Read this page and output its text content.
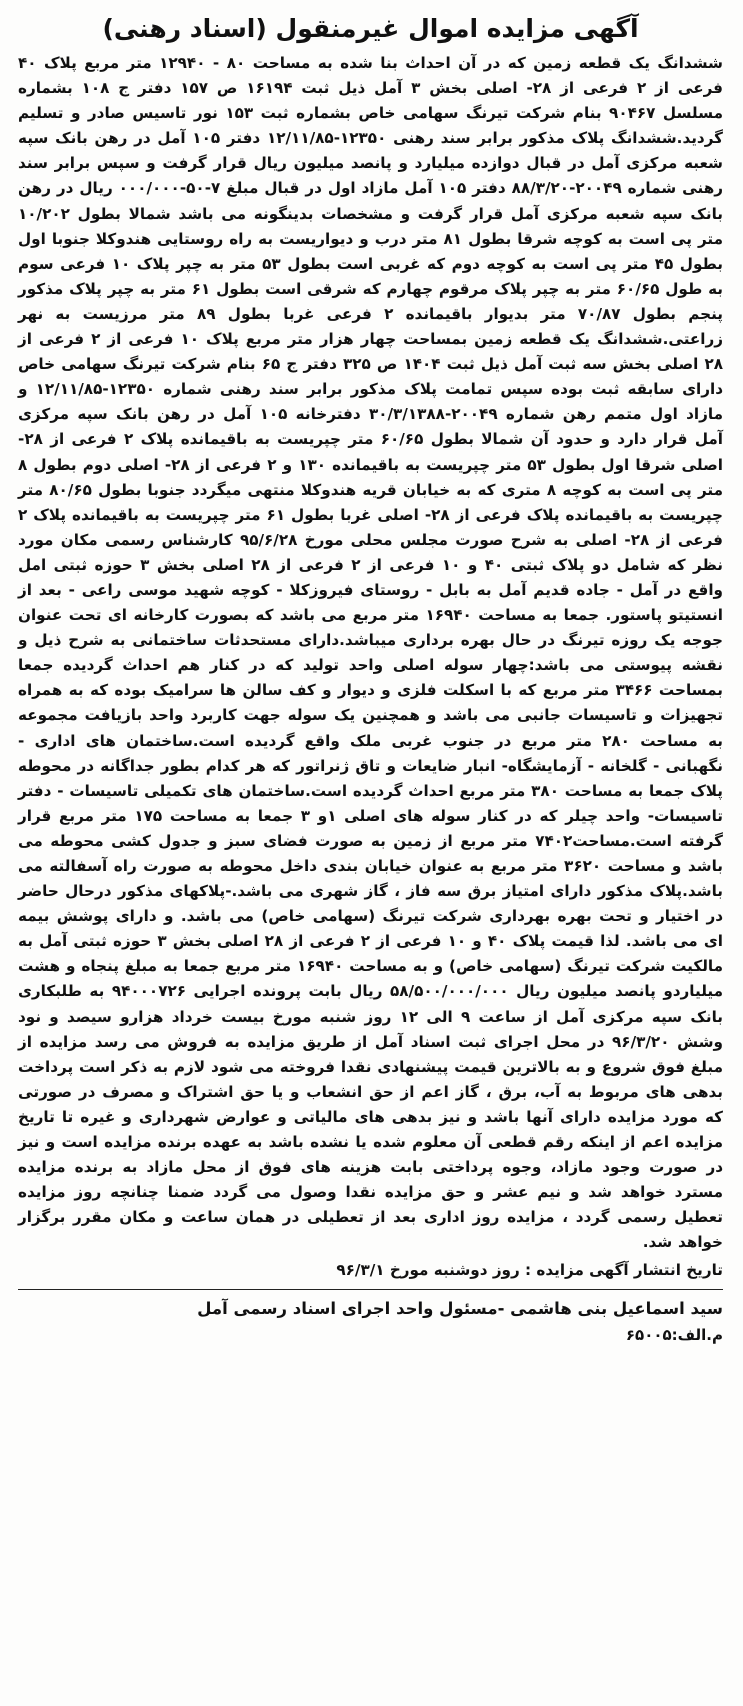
آگهی مزایده اموال غیرمنقول (اسناد رهنی)

ششدانگ یک قطعه زمین که در آن احداث بنا شده به مساحت ۸۰ - ۱۲۹۴۰ متر مربع پلاک ۴۰ فرعی از ۲ فرعی از ۲۸- اصلی بخش ۳ آمل ذیل ثبت ۱۶۱۹۴ ص ۱۵۷ دفتر ج ۱۰۸ بشماره مسلسل ۹۰۴۶۷ بنام شرکت تیرنگ سهامی خاص بشماره ثبت ۱۵۳ نور تاسیس صادر و تسلیم گردید.ششدانگ پلاک مذکور برابر سند رهنی ۱۲۳۵۰-۱۲/۱۱/۸۵ دفتر ۱۰۵ آمل در رهن بانک سپه شعبه مرکزی آمل در قبال دوازده میلیارد و پانصد میلیون ریال قرار گرفت و سپس برابر سند رهنی شماره ۲۰۰۴۹-۸۸/۳/۲۰ دفتر ۱۰۵ آمل مازاد اول در قبال مبلغ ۷-۵۰-۰۰۰/۰۰۰ ریال در رهن بانک سپه شعبه مرکزی آمل قرار گرفت و مشخصات بدینگونه می باشد شمالا بطول ۱۰/۲۰۲ متر پی است به کوچه شرقا بطول ۸۱ متر درب و دیواریست به راه روستایی هندوکلا جنوبا اول بطول ۴۵ متر پی است به کوچه دوم که غربی است بطول ۵۳ متر به چپر پلاک ۱۰ فرعی سوم به طول ۶۰/۶۵ متر به چپر پلاک مرقوم چهارم که شرقی است بطول ۶۱ متر به چپر پلاک مذکور پنجم بطول ۷۰/۸۷ متر بدیوار باقیمانده ۲ فرعی غربا بطول ۸۹ متر مرزیست به نهر زراعتی.ششدانگ یک قطعه زمین بمساحت چهار هزار متر مربع پلاک ۱۰ فرعی از ۲ فرعی از ۲۸ اصلی بخش سه ثبت آمل ذیل ثبت ۱۴۰۴ ص ۳۲۵ دفتر ج ۶۵ بنام شرکت تیرنگ سهامی خاص دارای سابقه ثبت بوده سپس تمامت پلاک مذکور برابر سند رهنی شماره ۱۲۳۵۰-۱۲/۱۱/۸۵ و مازاد اول متمم رهن شماره ۲۰۰۴۹-۳۰/۳/۱۳۸۸ دفترخانه ۱۰۵ آمل در رهن بانک سپه مرکزی آمل قرار دارد و حدود آن شمالا بطول ۶۰/۶۵ متر چپریست به باقیمانده پلاک ۲ فرعی از ۲۸- اصلی شرقا اول بطول ۵۳ متر چپریست به باقیمانده ۱۳۰ و ۲ فرعی از ۲۸- اصلی دوم بطول ۸ متر پی است به کوچه ۸ متری که به خیابان قریه هندوکلا منتهی میگردد جنوبا بطول ۸۰/۶۵ متر چپریست به باقیمانده پلاک فرعی از ۲۸- اصلی غربا بطول ۶۱ متر چپریست به باقیمانده پلاک ۲ فرعی از ۲۸- اصلی به شرح صورت مجلس محلی مورخ ۹۵/۶/۲۸ کارشناس رسمی مکان مورد نظر که شامل دو پلاک ثبتی ۴۰ و ۱۰ فرعی از ۲ فرعی از ۲۸ اصلی بخش ۳ حوزه ثبتی امل واقع در آمل - جاده قدیم آمل به بابل - روستای فیروزکلا - کوچه شهید موسی راعی - بعد از انستیتو پاستور. جمعا به مساحت ۱۶۹۴۰ متر مربع می باشد که بصورت کارخانه ای تحت عنوان جوجه یک روزه تیرنگ در حال بهره برداری میباشد.دارای مستحدثات ساختمانی به شرح ذیل و نقشه پیوستی می باشد:چهار سوله اصلی واحد تولید که در کنار هم احداث گردیده جمعا بمساحت ۳۴۶۶ متر مربع که با اسکلت فلزی و دیوار و کف سالن ها سرامیک بوده که به همراه تجهیزات و تاسیسات جانبی می باشد و همچنین یک سوله جهت کاربرد واحد بازیافت مجموعه به مساحت ۲۸۰ متر مربع در جنوب غربی ملک واقع گردیده است.ساختمان های اداری - نگهبانی - گلخانه - آزمایشگاه- انبار ضایعات و تاق ژنراتور که هر کدام بطور جداگانه در محوطه پلاک جمعا به مساحت ۳۸۰ متر مربع احداث گردیده است.ساختمان های تکمیلی تاسیسات - دفتر تاسیسات- واحد چیلر که در کنار سوله های اصلی ۱و ۳ جمعا به مساحت ۱۷۵ متر مربع قرار گرفته است.مساحت۷۴۰۲ متر مربع از زمین به صورت فضای سبز و جدول کشی محوطه می باشد و مساحت ۳۶۲۰ متر مربع به عنوان خیابان بندی داخل محوطه به صورت راه آسفالته می باشد.پلاک مذکور دارای امتیاز برق سه فاز ، گاز شهری می باشد.-پلاکهای مذکور درحال حاضر در اختیار و تحت بهره بهرداری شرکت تیرنگ (سهامی خاص) می باشد. و دارای پوشش بیمه ای می باشد. لذا قیمت پلاک ۴۰ و ۱۰ فرعی از ۲ فرعی از ۲۸ اصلی بخش ۳ حوزه ثبتی آمل به مالکیت شرکت تیرنگ (سهامی خاص) و به مساحت ۱۶۹۴۰ متر مربع جمعا به مبلغ پنجاه و هشت میلیاردو پانصد میلیون ریال ۵۸/۵۰۰/۰۰۰/۰۰۰ ریال بابت پرونده اجرایی ۹۴۰۰۰۷۲۶ به طلبکاری بانک سپه مرکزی آمل از ساعت ۹ الی ۱۲ روز شنبه مورخ بیست خرداد هزارو سیصد و نود وشش ۹۶/۳/۲۰ در محل اجرای ثبت اسناد آمل از طریق مزایده به فروش می رسد مزایده از مبلغ فوق شروع و به بالاترین قیمت پیشنهادی نقدا فروخته می شود لازم به ذکر است پرداخت بدهی های مربوط به آب، برق ، گاز اعم از حق انشعاب و یا حق اشتراک و مصرف در صورتی که مورد مزایده دارای آنها باشد و نیز بدهی های مالیاتی و عوارض شهرداری و غیره تا تاریخ مزایده اعم از اینکه رقم قطعی آن معلوم شده یا نشده باشد به عهده برنده مزایده است و نیز در صورت وجود مازاد، وجوه پرداختی بابت هزینه های فوق از محل مازاد به برنده مزایده مسترد خواهد شد و نیم عشر و حق مزایده نقدا وصول می گردد ضمنا چنانچه روز مزایده تعطیل رسمی گردد ، مزایده روز اداری بعد از تعطیلی در همان ساعت و مکان مقرر برگزار خواهد شد.

تاریخ انتشار آگهی مزایده : روز دوشنبه مورخ ۹۶/۳/۱

سید اسماعیل بنی هاشمی -مسئول واحد اجرای اسناد رسمی آمل

م.الف:۶۵۰۰۵
